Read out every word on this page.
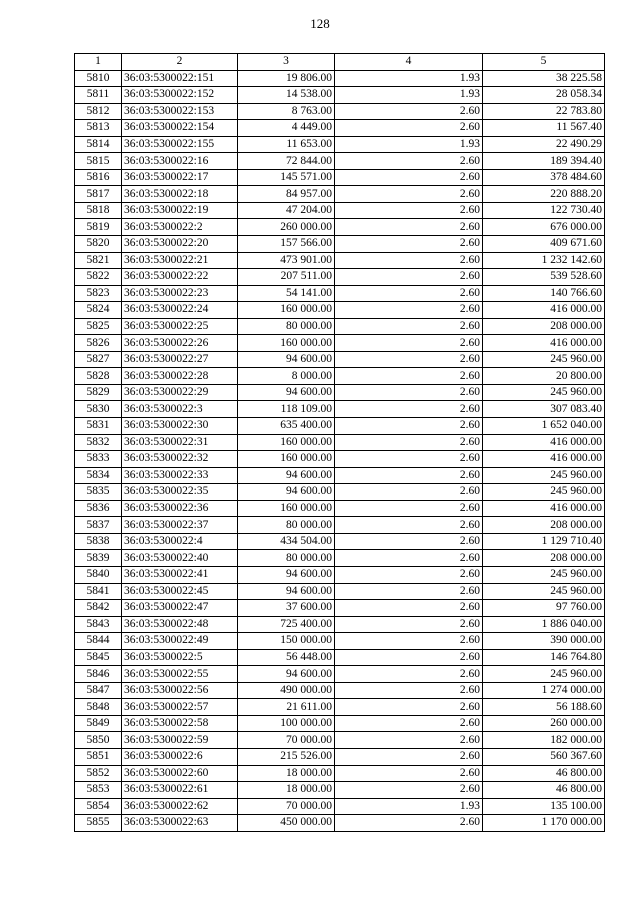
128
1	2	3	4	5
5810	36:03:5300022:151	19 806.00	1.93	38 225.58
5811	36:03:5300022:152	14 538.00	1.93	28 058.34
5812	36:03:5300022:153	8 763.00	2.60	22 783.80
5813	36:03:5300022:154	4 449.00	2.60	11 567.40
5814	36:03:5300022:155	11 653.00	1.93	22 490.29
5815	36:03:5300022:16	72 844.00	2.60	189 394.40
5816	36:03:5300022:17	145 571.00	2.60	378 484.60
5817	36:03:5300022:18	84 957.00	2.60	220 888.20
5818	36:03:5300022:19	47 204.00	2.60	122 730.40
5819	36:03:5300022:2	260 000.00	2.60	676 000.00
5820	36:03:5300022:20	157 566.00	2.60	409 671.60
5821	36:03:5300022:21	473 901.00	2.60	1 232 142.60
5822	36:03:5300022:22	207 511.00	2.60	539 528.60
5823	36:03:5300022:23	54 141.00	2.60	140 766.60
5824	36:03:5300022:24	160 000.00	2.60	416 000.00
5825	36:03:5300022:25	80 000.00	2.60	208 000.00
5826	36:03:5300022:26	160 000.00	2.60	416 000.00
5827	36:03:5300022:27	94 600.00	2.60	245 960.00
5828	36:03:5300022:28	8 000.00	2.60	20 800.00
5829	36:03:5300022:29	94 600.00	2.60	245 960.00
5830	36:03:5300022:3	118 109.00	2.60	307 083.40
5831	36:03:5300022:30	635 400.00	2.60	1 652 040.00
5832	36:03:5300022:31	160 000.00	2.60	416 000.00
5833	36:03:5300022:32	160 000.00	2.60	416 000.00
5834	36:03:5300022:33	94 600.00	2.60	245 960.00
5835	36:03:5300022:35	94 600.00	2.60	245 960.00
5836	36:03:5300022:36	160 000.00	2.60	416 000.00
5837	36:03:5300022:37	80 000.00	2.60	208 000.00
5838	36:03:5300022:4	434 504.00	2.60	1 129 710.40
5839	36:03:5300022:40	80 000.00	2.60	208 000.00
5840	36:03:5300022:41	94 600.00	2.60	245 960.00
5841	36:03:5300022:45	94 600.00	2.60	245 960.00
5842	36:03:5300022:47	37 600.00	2.60	97 760.00
5843	36:03:5300022:48	725 400.00	2.60	1 886 040.00
5844	36:03:5300022:49	150 000.00	2.60	390 000.00
5845	36:03:5300022:5	56 448.00	2.60	146 764.80
5846	36:03:5300022:55	94 600.00	2.60	245 960.00
5847	36:03:5300022:56	490 000.00	2.60	1 274 000.00
5848	36:03:5300022:57	21 611.00	2.60	56 188.60
5849	36:03:5300022:58	100 000.00	2.60	260 000.00
5850	36:03:5300022:59	70 000.00	2.60	182 000.00
5851	36:03:5300022:6	215 526.00	2.60	560 367.60
5852	36:03:5300022:60	18 000.00	2.60	46 800.00
5853	36:03:5300022:61	18 000.00	2.60	46 800.00
5854	36:03:5300022:62	70 000.00	1.93	135 100.00
5855	36:03:5300022:63	450 000.00	2.60	1 170 000.00
